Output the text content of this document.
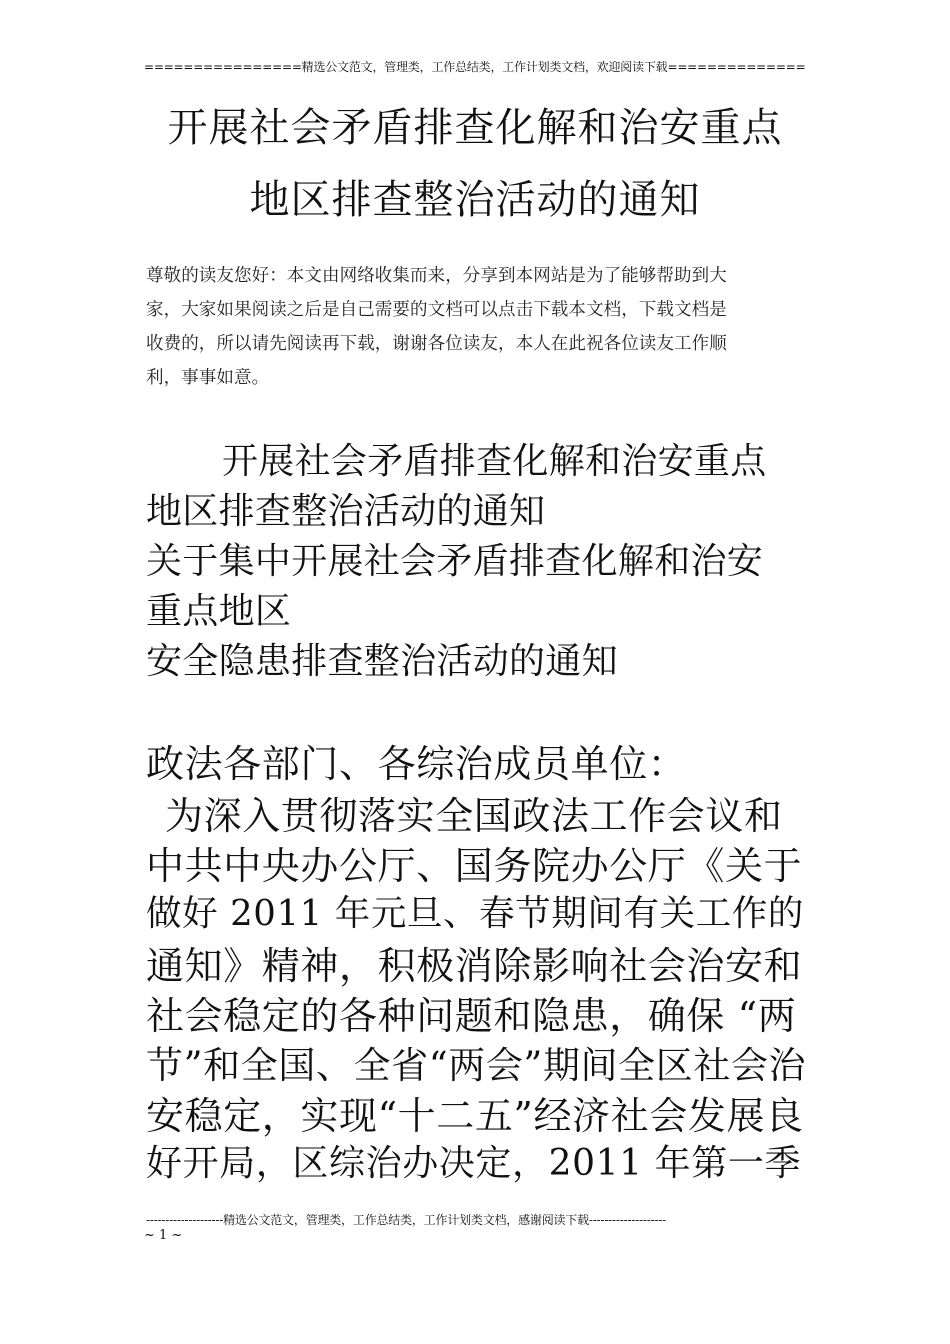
================精选公文范文，管理类，工作总结类，工作计划类文档，欢迎阅读下载==============
开展社会矛盾排查化解和治安重点
地区排查整治活动的通知
尊敬的读友您好：本文由网络收集而来，分享到本网站是为了能够帮助到大
家，大家如果阅读之后是自己需要的文档可以点击下载本文档，下载文档是
收费的，所以请先阅读再下载，谢谢各位读友，本人在此祝各位读友工作顺
利，事事如意。
开展社会矛盾排查化解和治安重点
地区排查整治活动的通知
关于集中开展社会矛盾排查化解和治安
重点地区
安全隐患排查整治活动的通知
政法各部门、各综治成员单位：
为深入贯彻落实全国政法工作会议和
中共中央办公厅、国务院办公厅《关于
做好 2011 年元旦、春节期间有关工作的
通知》精神，积极消除影响社会治安和
社会稳定的各种问题和隐患，确保 “两
节”和全国、全省“两会”期间全区社会治
安稳定，实现“十二五”经济社会发展良
好开局，区综治办决定，2011 年第一季
--------------------精选公文范文，管理类，工作总结类，工作计划类文档，感谢阅读下载--------------------
~ 1 ~
